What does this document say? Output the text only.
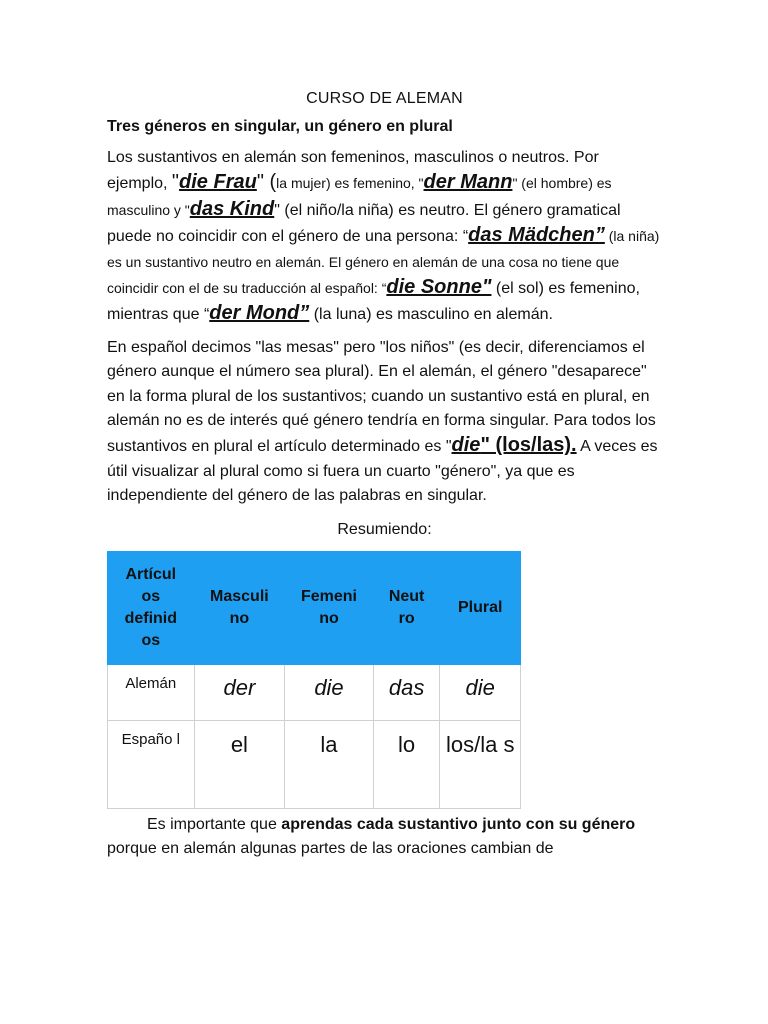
CURSO DE ALEMAN
Tres géneros en singular, un género en plural

Los sustantivos en alemán son femeninos, masculinos o neutros. Por ejemplo, "die Frau" (la mujer) es femenino, "der Mann" (el hombre) es masculino y "das Kind" (el niño/la niña) es neutro. El género gramatical puede no coincidir con el género de una persona: “das Mädchen” (la niña) es un sustantivo neutro en alemán. El género en alemán de una cosa no tiene que coincidir con el de su traducción al español: “die Sonne" (el sol) es femenino, mientras que “der Mond” (la luna) es masculino en alemán.

En español decimos "las mesas" pero "los niños" (es decir, diferenciamos el género aunque el número sea plural). En el alemán, el género "desaparece" en la forma plural de los sustantivos; cuando un sustantivo está en plural, en alemán no es de interés qué género tendría en forma singular. Para todos los sustantivos en plural el artículo determinado es "die" (los/las). A veces es útil visualizar al plural como si fuera un cuarto "género", ya que es independiente del género de las palabras en singular.

Resumiendo:
Artícul os definid os	Masculi no	Femeni no	Neut ro	Plural
Alemán	der	die	das	die
Españo l	el	la	lo	los/la s

Es importante que aprendas cada sustantivo junto con su género porque en alemán algunas partes de las oraciones cambian de
